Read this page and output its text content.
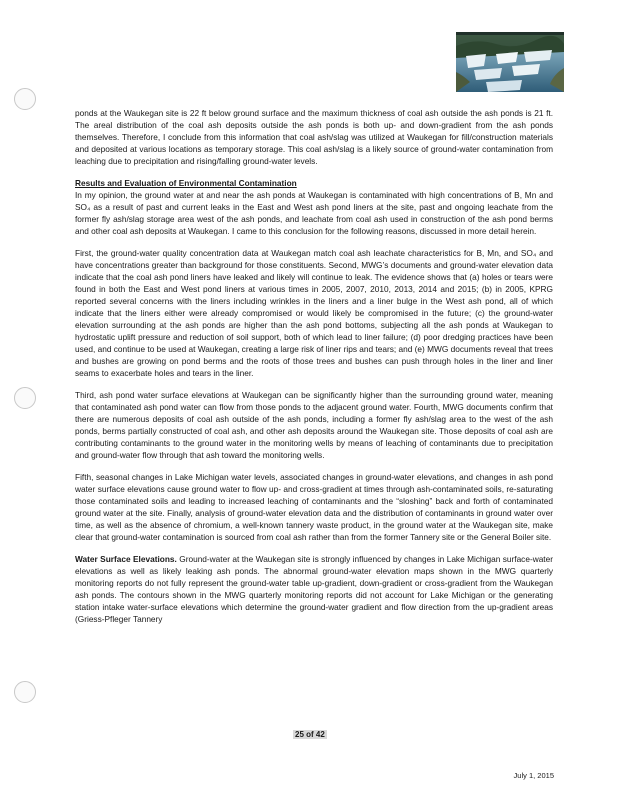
ponds at the Waukegan site is 22 ft below ground surface and the maximum thickness of coal ash outside the ash ponds is 21 ft. The areal distribution of the coal ash deposits outside the ash ponds is both up- and down-gradient from the ash ponds themselves. Therefore, I conclude from this information that coal ash/slag was utilized at Waukegan for fill/construction materials and deposited at various locations as temporary storage. This coal ash/slag is a likely source of ground-water contamination from leaching due to precipitation and rising/falling ground-water levels.

Results and Evaluation of Environmental Contamination

In my opinion, the ground water at and near the ash ponds at Waukegan is contaminated with high concentrations of B, Mn and SO₄ as a result of past and current leaks in the East and West ash pond liners at the site, past and ongoing leachate from the former fly ash/slag storage area west of the ash ponds, and leachate from coal ash used in construction of the ash pond berms and other coal ash deposits at Waukegan. I came to this conclusion for the following reasons, discussed in more detail herein.

First, the ground-water quality concentration data at Waukegan match coal ash leachate characteristics for B, Mn, and SO₄ and have concentrations greater than background for those constituents. Second, MWG’s documents and ground-water elevation data indicate that the coal ash pond liners have leaked and likely will continue to leak. The evidence shows that (a) holes or tears were found in both the East and West pond liners at various times in 2005, 2007, 2010, 2013, 2014 and 2015; (b) in 2005, KPRG reported several concerns with the liners including wrinkles in the liners and a liner bulge in the West ash pond, all of which indicate that the liners either were already compromised or would likely be compromised in the future; (c) the ground-water elevation surrounding at the ash ponds are higher than the ash pond bottoms, subjecting all the ash ponds at Waukegan to hydrostatic uplift pressure and reduction of soil support, both of which lead to liner failure; (d) poor dredging practices have been used, and continue to be used at Waukegan, creating a large risk of liner rips and tears; and (e) MWG documents reveal that trees and bushes are growing on pond berms and the roots of those trees and bushes can push through holes in the liner and liner seams to exacerbate holes and tears in the liner.

Third, ash pond water surface elevations at Waukegan can be significantly higher than the surrounding ground water, meaning that contaminated ash pond water can flow from those ponds to the adjacent ground water. Fourth, MWG documents confirm that there are numerous deposits of coal ash outside of the ash ponds, including a former fly ash/slag area to the west of the ash ponds, berms partially constructed of coal ash, and other ash deposits around the Waukegan site. Those deposits of coal ash are contributing contaminants to the ground water in the monitoring wells by means of leaching of contaminants due to precipitation and ground-water flow through that ash toward the monitoring wells.

Fifth, seasonal changes in Lake Michigan water levels, associated changes in ground-water elevations, and changes in ash pond water surface elevations cause ground water to flow up- and cross-gradient at times through ash-contaminated soils, re-saturating those contaminated soils and leading to increased leaching of contaminants and the “sloshing” back and forth of contaminated ground water at the site. Finally, analysis of ground-water elevation data and the distribution of contaminants in ground water over time, as well as the absence of chromium, a well-known tannery waste product, in the ground water at the Waukegan site, make clear that ground-water contamination is sourced from coal ash rather than from the former Tannery site or the General Boiler site.

Water Surface Elevations. Ground-water at the Waukegan site is strongly influenced by changes in Lake Michigan surface-water elevations as well as likely leaking ash ponds. The abnormal ground-water elevation maps shown in the MWG quarterly monitoring reports do not fully represent the ground-water table up-gradient, down-gradient or cross-gradient from the Waukegan ash ponds. The contours shown in the MWG quarterly monitoring reports did not account for Lake Michigan or the generating station intake water-surface elevations which determine the ground-water gradient and flow direction from the up-gradient areas (Griess-Pfleger Tannery

25 of 42
July 1, 2015
